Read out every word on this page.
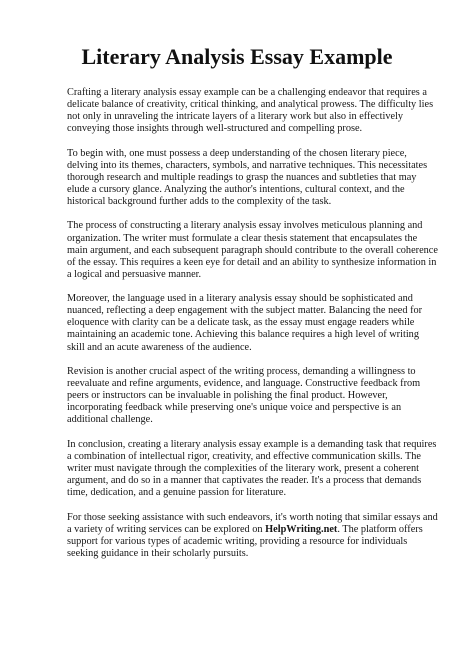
Literary Analysis Essay Example

Crafting a literary analysis essay example can be a challenging endeavor that requires a delicate balance of creativity, critical thinking, and analytical prowess. The difficulty lies not only in unraveling the intricate layers of a literary work but also in effectively conveying those insights through well-structured and compelling prose.

To begin with, one must possess a deep understanding of the chosen literary piece, delving into its themes, characters, symbols, and narrative techniques. This necessitates thorough research and multiple readings to grasp the nuances and subtleties that may elude a cursory glance. Analyzing the author's intentions, cultural context, and the historical background further adds to the complexity of the task.

The process of constructing a literary analysis essay involves meticulous planning and organization. The writer must formulate a clear thesis statement that encapsulates the main argument, and each subsequent paragraph should contribute to the overall coherence of the essay. This requires a keen eye for detail and an ability to synthesize information in a logical and persuasive manner.

Moreover, the language used in a literary analysis essay should be sophisticated and nuanced, reflecting a deep engagement with the subject matter. Balancing the need for eloquence with clarity can be a delicate task, as the essay must engage readers while maintaining an academic tone. Achieving this balance requires a high level of writing skill and an acute awareness of the audience.

Revision is another crucial aspect of the writing process, demanding a willingness to reevaluate and refine arguments, evidence, and language. Constructive feedback from peers or instructors can be invaluable in polishing the final product. However, incorporating feedback while preserving one's unique voice and perspective is an additional challenge.

In conclusion, creating a literary analysis essay example is a demanding task that requires a combination of intellectual rigor, creativity, and effective communication skills. The writer must navigate through the complexities of the literary work, present a coherent argument, and do so in a manner that captivates the reader. It's a process that demands time, dedication, and a genuine passion for literature.

For those seeking assistance with such endeavors, it's worth noting that similar essays and a variety of writing services can be explored on HelpWriting.net. The platform offers support for various types of academic writing, providing a resource for individuals seeking guidance in their scholarly pursuits.
